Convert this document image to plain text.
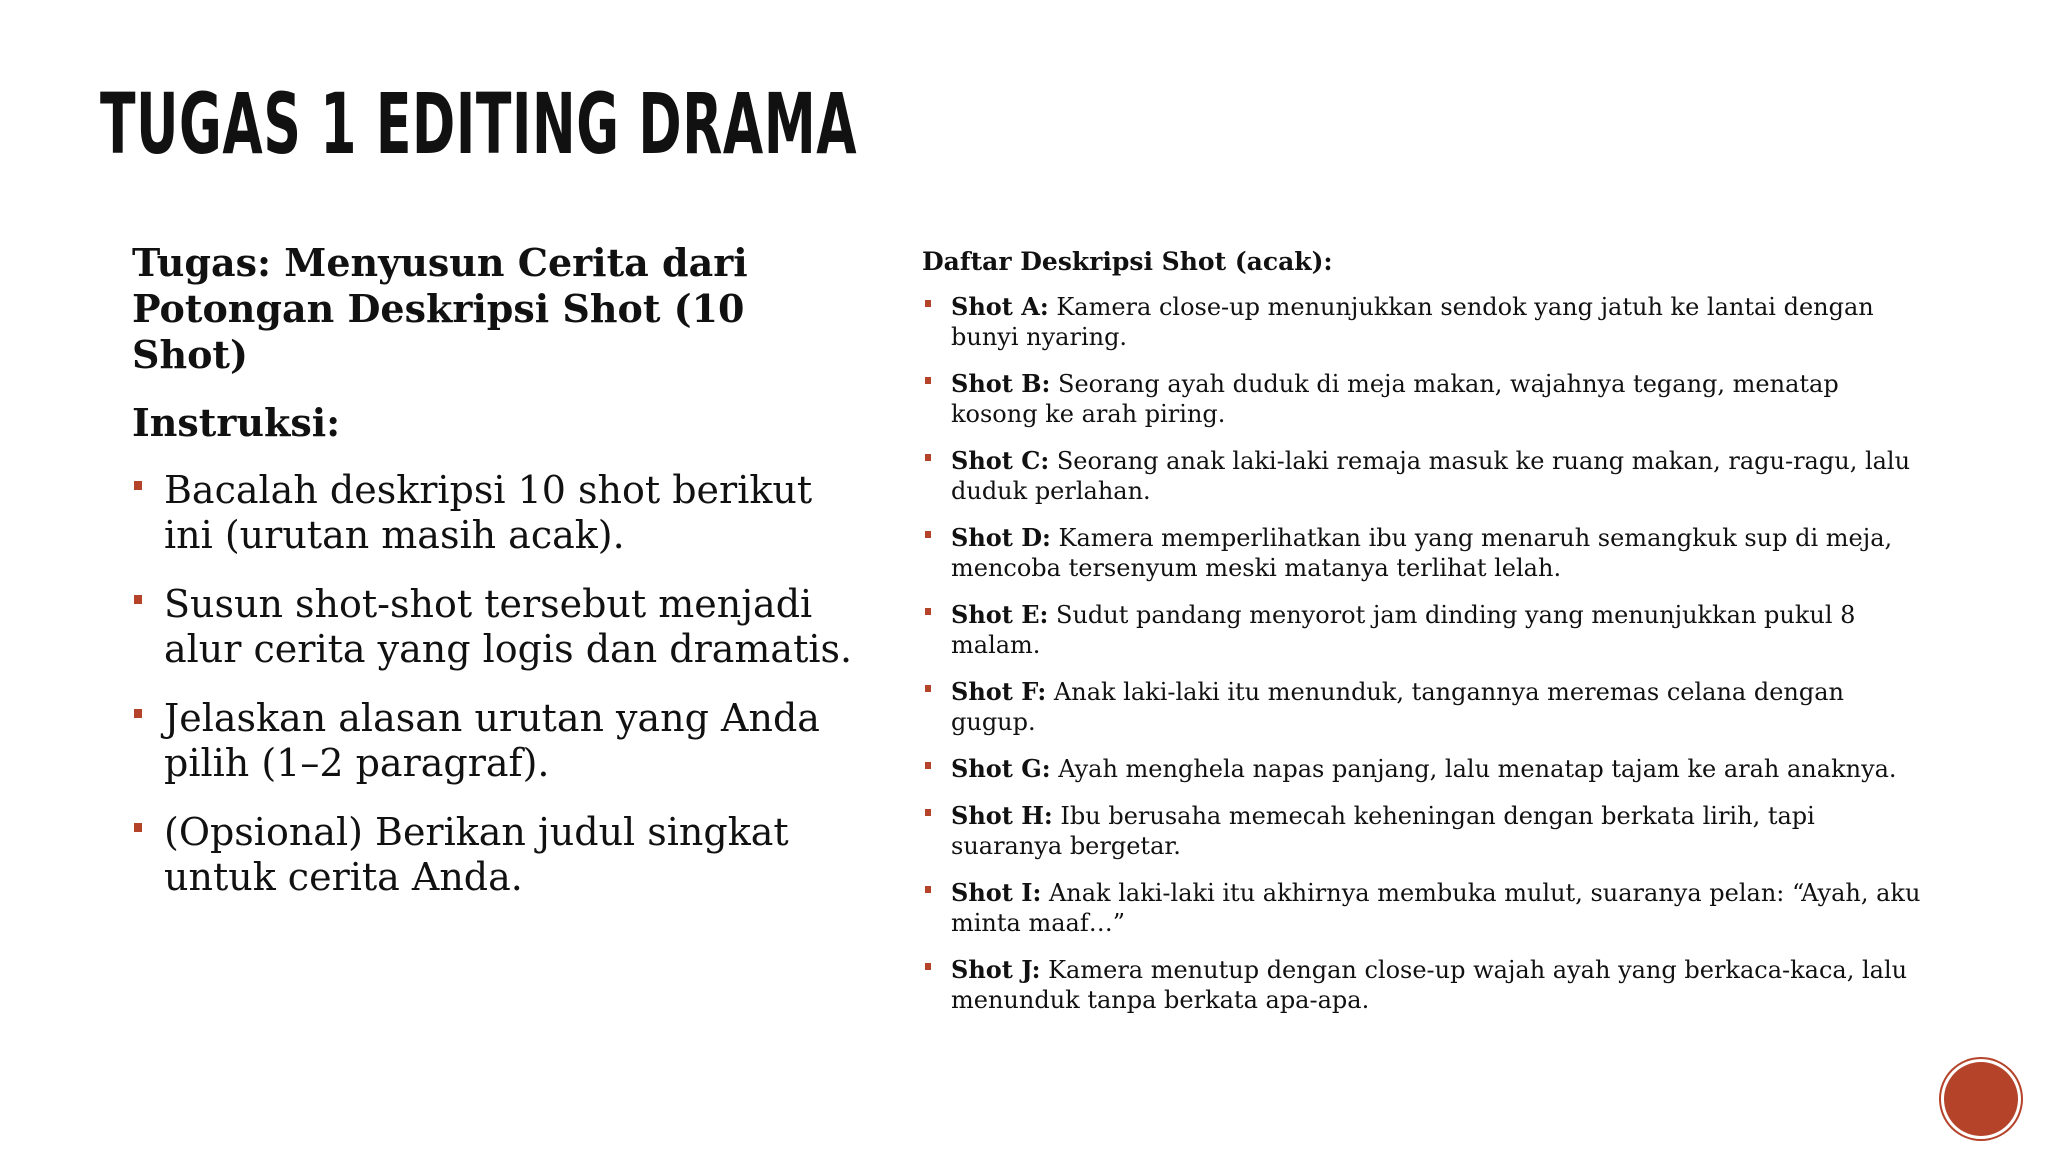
TUGAS 1 EDITING DRAMA

Tugas: Menyusun Cerita dari Potongan Deskripsi Shot (10 Shot)

Instruksi:

Bacalah deskripsi 10 shot berikut ini (urutan masih acak).
Susun shot-shot tersebut menjadi alur cerita yang logis dan dramatis.
Jelaskan alasan urutan yang Anda pilih (1–2 paragraf).
(Opsional) Berikan judul singkat untuk cerita Anda.

Daftar Deskripsi Shot (acak):

Shot A: Kamera close-up menunjukkan sendok yang jatuh ke lantai dengan bunyi nyaring.
Shot B: Seorang ayah duduk di meja makan, wajahnya tegang, menatap kosong ke arah piring.
Shot C: Seorang anak laki-laki remaja masuk ke ruang makan, ragu-ragu, lalu duduk perlahan.
Shot D: Kamera memperlihatkan ibu yang menaruh semangkuk sup di meja, mencoba tersenyum meski matanya terlihat lelah.
Shot E: Sudut pandang menyorot jam dinding yang menunjukkan pukul 8 malam.
Shot F: Anak laki-laki itu menunduk, tangannya meremas celana dengan gugup.
Shot G: Ayah menghela napas panjang, lalu menatap tajam ke arah anaknya.
Shot H: Ibu berusaha memecah keheningan dengan berkata lirih, tapi suaranya bergetar.
Shot I: Anak laki-laki itu akhirnya membuka mulut, suaranya pelan: “Ayah, aku minta maaf…”
Shot J: Kamera menutup dengan close-up wajah ayah yang berkaca-kaca, lalu menunduk tanpa berkata apa-apa.
